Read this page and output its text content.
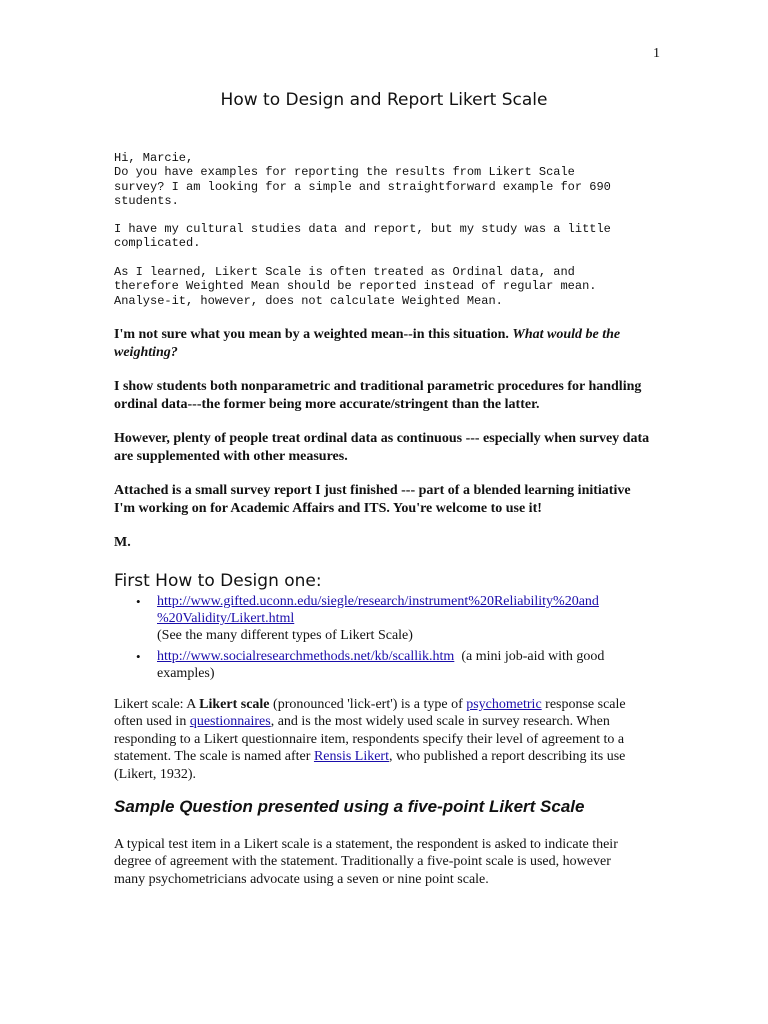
1
How to Design and Report Likert Scale

Hi, Marcie,
Do you have examples for reporting the results from Likert Scale
survey? I am looking for a simple and straightforward example for 690
students.

I have my cultural studies data and report, but my study was a little
complicated.

As I learned, Likert Scale is often treated as Ordinal data, and
therefore Weighted Mean should be reported instead of regular mean.
Analyse-it, however, does not calculate Weighted Mean.

I'm not sure what you mean by a weighted mean--in this situation. What would be the weighting?

I show students both nonparametric and traditional parametric procedures for handling ordinal data---the former being more accurate/stringent than the latter.

However, plenty of people treat ordinal data as continuous --- especially when survey data are supplemented with other measures.

Attached is a small survey report I just finished --- part of a blended learning initiative I'm working on for Academic Affairs and ITS. You're welcome to use it!

M.

First How to Design one:
• http://www.gifted.uconn.edu/siegle/research/instrument%20Reliability%20and
%20Validity/Likert.html
(See the many different types of Likert Scale)
• http://www.socialresearchmethods.net/kb/scallik.htm (a mini job-aid with good examples)

Likert scale: A Likert scale (pronounced 'lick-ert') is a type of psychometric response scale often used in questionnaires, and is the most widely used scale in survey research. When responding to a Likert questionnaire item, respondents specify their level of agreement to a statement. The scale is named after Rensis Likert, who published a report describing its use (Likert, 1932).

Sample Question presented using a five-point Likert Scale

A typical test item in a Likert scale is a statement, the respondent is asked to indicate their degree of agreement with the statement. Traditionally a five-point scale is used, however many psychometricians advocate using a seven or nine point scale.
